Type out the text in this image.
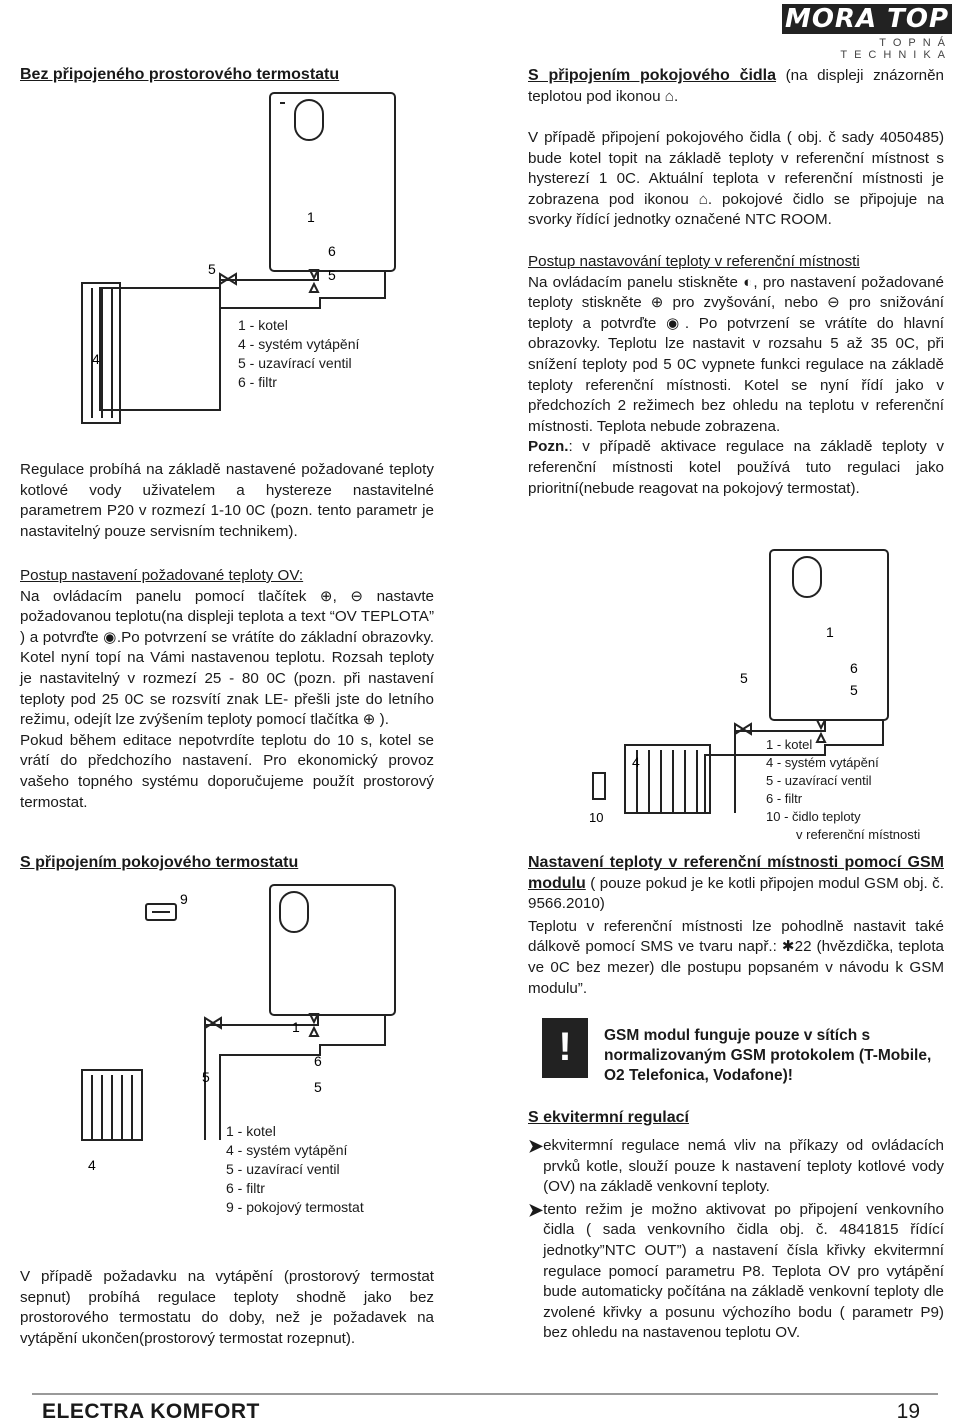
MORA TOP
TOPNÁ TECHNIKA
Bez připojeného prostorového termostatu
1
4
5
6
5
1 - kotel
4 - systém vytápění
5 - uzavírací ventil
6 - filtr
Regulace probíhá na základě nastavené požadované teploty kotlové vody uživatelem a hystereze nastavitelné parametrem P20 v rozmezí 1-10 0C (pozn. tento parametr je nastavitelný pouze servisním technikem).
Postup nastavení požadované teploty OV:
Na ovládacím panelu pomocí tlačítek ⊕, ⊖ nastavte požadovanou teplotu(na displeji teplota a text “OV TEPLOTA” ) a potvrďte ◉.Po potvrzení se vrátíte do základní obrazovky. Kotel nyní topí na Vámi nastavenou teplotu. Rozsah teploty je nastavitelný v rozmezí 25 - 80 0C (pozn. při nastavení teploty pod 25 0C se rozsvítí znak LE- přešli jste do letního režimu, odejít lze zvýšením teploty pomocí tlačítka ⊕ ).
Pokud během editace nepotvrdíte teplotu do 10 s, kotel se vrátí do předchozího nastavení. Pro ekonomický provoz vašeho topného systému doporučujeme použít prostorový termostat.
S připojením pokojového termostatu
9
1
6
5
5
4
1 - kotel
4 - systém vytápění
5 - uzavírací ventil
6 - filtr
9 - pokojový termostat
V případě požadavku na vytápění (prostorový termostat sepnut) probíhá regulace teploty shodně jako bez prostorového termostatu do doby, než je požadavek na vytápění ukončen(prostorový termostat rozepnut).
S připojením pokojového čidla (na displeji znázorněn teplotou pod ikonou ⌂.
V případě připojení pokojového čidla ( obj. č sady 4050485) bude kotel topit na základě teploty v referenční místnost s hysterezí 1 0C. Aktuální teplota v referenční místnosti je zobrazena pod ikonou ⌂. pokojové čidlo se připojuje na svorky řídící jednotky označené NTC ROOM.
Postup nastavování teploty v referenční místnosti
Na ovládacím panelu stiskněte ◐, pro nastavení požadované teploty stiskněte ⊕ pro zvyšování, nebo ⊖ pro snižování teploty a potvrďte ◉. Po potvrzení se vrátíte do hlavní obrazovky. Teplotu lze nastavit v rozsahu 5 až 35 0C, při snížení teploty pod 5 0C vypnete funkci regulace na základě teploty referenční místnosti. Kotel se nyní řídí jako v předchozích 2 režimech bez ohledu na teplotu v referenční místnosti. Teplota nebude zobrazena.
Pozn.: v případě aktivace regulace na základě teploty v referenční místnosti kotel používá tuto regulaci jako prioritní(nebude reagovat na pokojový termostat).
1
6
5
5
4
10
1 - kotel
4 - systém vytápění
5 - uzavírací ventil
6 - filtr
10 - čidlo teploty
v referenční místnosti
Nastavení teploty v referenční místnosti pomocí GSM modulu ( pouze pokud je ke kotli připojen modul GSM obj. č. 9566.2010)
Teplotu v referenční místnosti lze pohodlně nastavit také dálkově pomocí SMS ve tvaru např.: ✱22 (hvězdička, teplota ve 0C bez mezer) dle postupu popsaném v návodu k GSM modulu”.
! GSM modul funguje pouze v sítích s normalizovaným GSM protokolem (T-Mobile, O2 Telefonica, Vodafone)!
S ekvitermní regulací
➤ ekvitermní regulace nemá vliv na příkazy od ovládacích prvků kotle, slouží pouze k nastavení teploty kotlové vody (OV) na základě venkovní teploty.
➤ tento režim je možno aktivovat po připojení venkovního čidla ( sada venkovního čidla obj. č. 4841815 řídící jednotky”NTC OUT”) a nastavení čísla křivky ekvitermní regulace pomocí parametru P8. Teplota OV pro vytápění bude automaticky počítána na základě venkovní teploty dle zvolené křivky a posunu výchozího bodu ( parametr P9) bez ohledu na nastavenou teplotu OV.
ELECTRA KOMFORT	19
